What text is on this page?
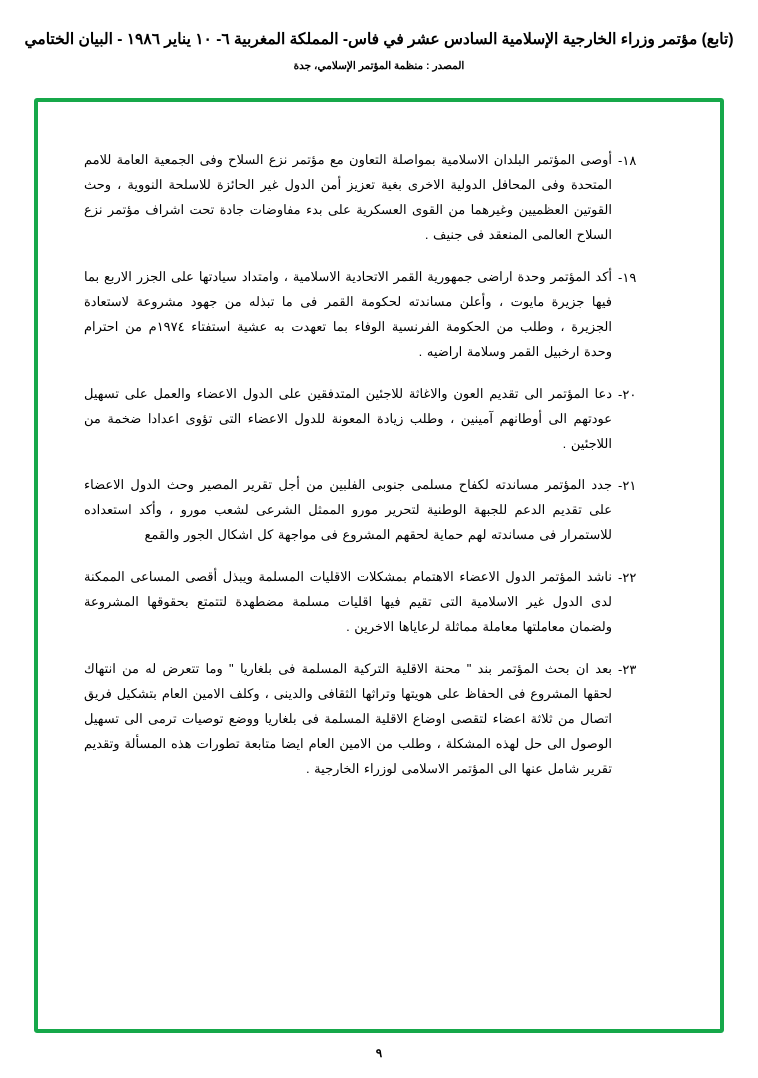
(تابع) مؤتمر وزراء الخارجية الإسلامية السادس عشر في فاس- المملكة المغربية ٦- ١٠ يناير ١٩٨٦ - البيان الختامي
المصدر : منظمة المؤتمر الإسلامي، جدة
١٨-
أوصى المؤتمر البلدان الاسلامية بمواصلة التعاون مع مؤتمر نزع السلاح وفى الجمعية العامة للامم المتحدة وفى المحافل الدولية الاخرى بغية تعزيز أمن الدول غير الحائزة للاسلحة النووية ، وحث القوتين العظميين وغيرهما من القوى العسكرية على بدء مفاوضات جادة تحت اشراف مؤتمر نزع السلاح العالمى المنعقد فى جنيف .
١٩-
أكد المؤتمر وحدة اراضى جمهورية القمر الاتحادية الاسلامية ، وامتداد سيادتها على الجزر الاربع بما فيها جزيرة مايوت ، وأعلن مساندته لحكومة القمر فى ما تبذله من جهود مشروعة لاستعادة الجزيرة ، وطلب من الحكومة الفرنسية الوفاء بما تعهدت به عشية استفتاء ١٩٧٤م من احترام وحدة ارخبيل القمر وسلامة اراضيه .
٢٠-
دعا المؤتمر الى تقديم العون والاغاثة للاجئين المتدفقين على الدول الاعضاء والعمل على تسهيل عودتهم الى أوطانهم آمينين ، وطلب زيادة المعونة للدول الاعضاء التى تؤوى اعدادا ضخمة من اللاجئين .
٢١-
جدد المؤتمر مساندته لكفاح مسلمى جنوبى الفلبين من أجل تقرير المصير وحث الدول الاعضاء على تقديم الدعم للجبهة الوطنية لتحرير مورو الممثل الشرعى لشعب مورو ، وأكد استعداده للاستمرار فى مساندته لهم حماية لحقهم المشروع فى مواجهة كل اشكال الجور والقمع
٢٢-
ناشد المؤتمر الدول الاعضاء الاهتمام بمشكلات الاقليات المسلمة ويبذل أقصى المساعى الممكنة لدى الدول غير الاسلامية التى تقيم فيها اقليات مسلمة مضطهدة لتتمتع بحقوقها المشروعة ولضمان معاملتها معاملة مماثلة لرعاياها الاخرين .
٢٣-
بعد ان بحث المؤتمر بند " محنة الاقلية التركية المسلمة فى بلغاريا " وما تتعرض له من انتهاك لحقها المشروع فى الحفاظ على هويتها وتراثها الثقافى والدينى ، وكلف الامين العام بتشكيل فريق اتصال من ثلاثة اعضاء لتقصى اوضاع الاقلية المسلمة فى بلغاريا ووضع توصيات ترمى الى تسهيل الوصول الى حل لهذه المشكلة ، وطلب من الامين العام ايضا متابعة تطورات هذه المسألة وتقديم تقرير شامل عنها الى المؤتمر الاسلامى لوزراء الخارجية .
٩
